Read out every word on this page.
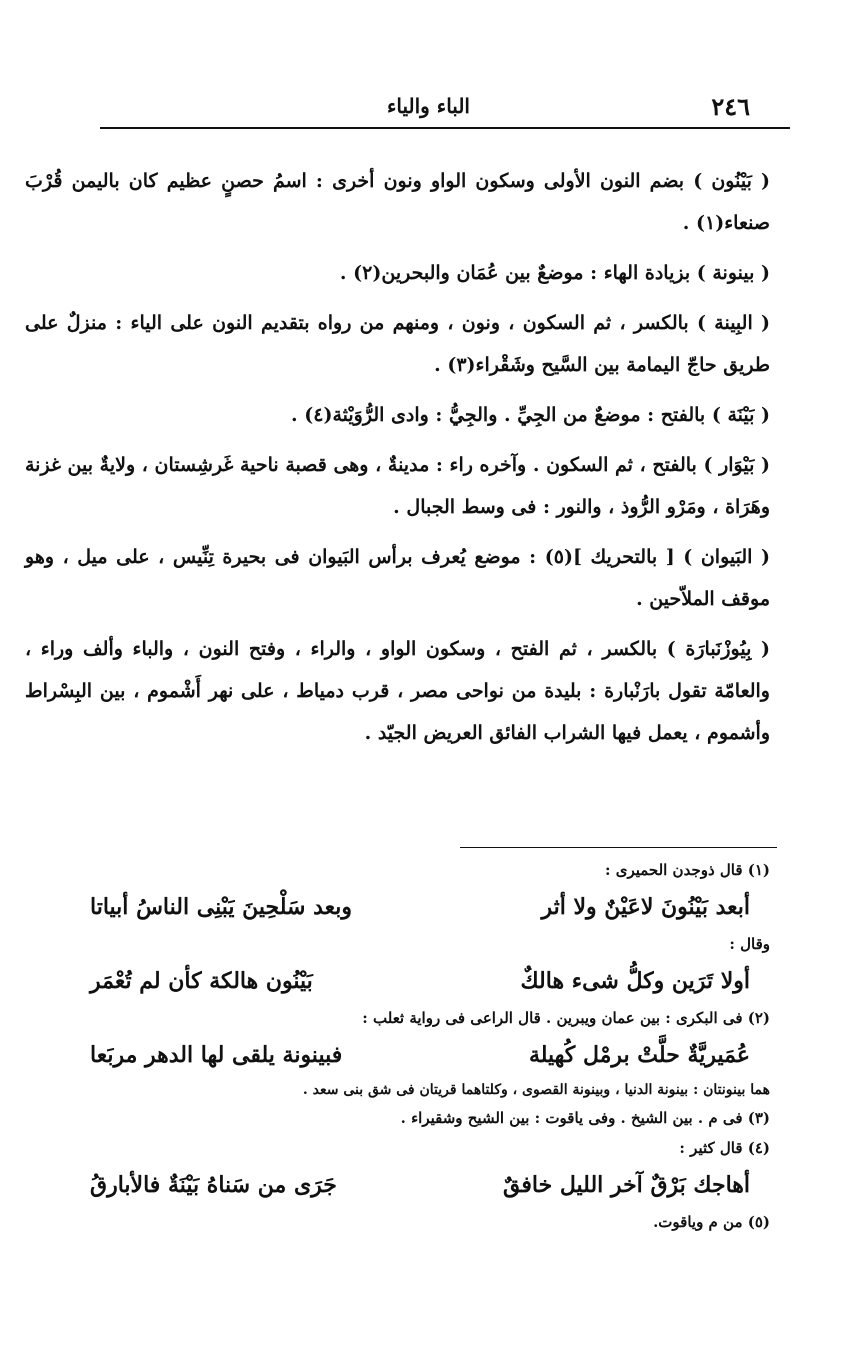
٢٤٦
الباء والياء

( بَيْنُون ) بضم النون الأولى وسكون الواو ونون أخرى : اسمُ حصنٍ عظيم كان باليمن قُرْبَ صنعاء(١) .

( بينونة ) بزيادة الهاء : موضعٌ بين عُمَان والبحرين(٢) .

( البِينة ) بالكسر ، ثم السكون ، ونون ، ومنهم من رواه بتقديم النون على الياء : منزلٌ على طريق حاجّ اليمامة بين السَّيح وشَقْراء(٣) .

( بَيْنَة ) بالفتح : موضعٌ من الجِيِّ . والجِيُّ : وادى الرُّوَيْثة(٤) .

( بَيْوَار ) بالفتح ، ثم السكون . وآخره راء : مدينةٌ ، وهى قصبة ناحية غَرشِستان ، ولايةٌ بين غزنة وهَرَاة ، ومَرْو الرُّوذ ، والنور : فى وسط الجبال .

( البَيوان ) [ بالتحريك ](٥) : موضع يُعرف برأس البَيوان فى بحيرة تِنِّيس ، على ميل ، وهو موقف الملاّحين .

( بِيُوزْنَبارَة ) بالكسر ، ثم الفتح ، وسكون الواو ، والراء ، وفتح النون ، والباء وألف وراء ، والعامّة تقول بارَنْبارة : بليدة من نواحى مصر ، قرب دمياط ، على نهر أَشْموم ، بين البِسْراط وأشموم ، يعمل فيها الشراب الفائق العريض الجيّد .

(١) قال ذوجدن الحميرى :

أبعد بَيْنُونَ لاعَيْنٌ ولا أثر
وبعد سَلْحِينَ يَبْنِى الناسُ أبياتا

وقال :

أولا تَرَين وكلُّ شىء هالكٌ
بَيْنُون هالكة كأن لم تُعْمَر

(٢) فى البكرى : بين عمان ويبرين . قال الراعى فى رواية ثعلب :

عُمَيريَّةٌ حلَّتْ برمْل كُهيلة
فبينونة يلقى لها الدهر مربَعا

هما بينونتان : بينونة الدنيا ، وبينونة القصوى ، وكلتاهما قريتان فى شق بنى سعد .

(٣) فى م . بين الشيخ . وفى ياقوت : بين الشيح وشقيراء .

(٤) قال كثير :

أهاجك بَرْقٌ آخر الليل خافقٌ
جَرَى من سَناهُ بَيْنَةٌ فالأبارقُ

(٥) من م وياقوت.
